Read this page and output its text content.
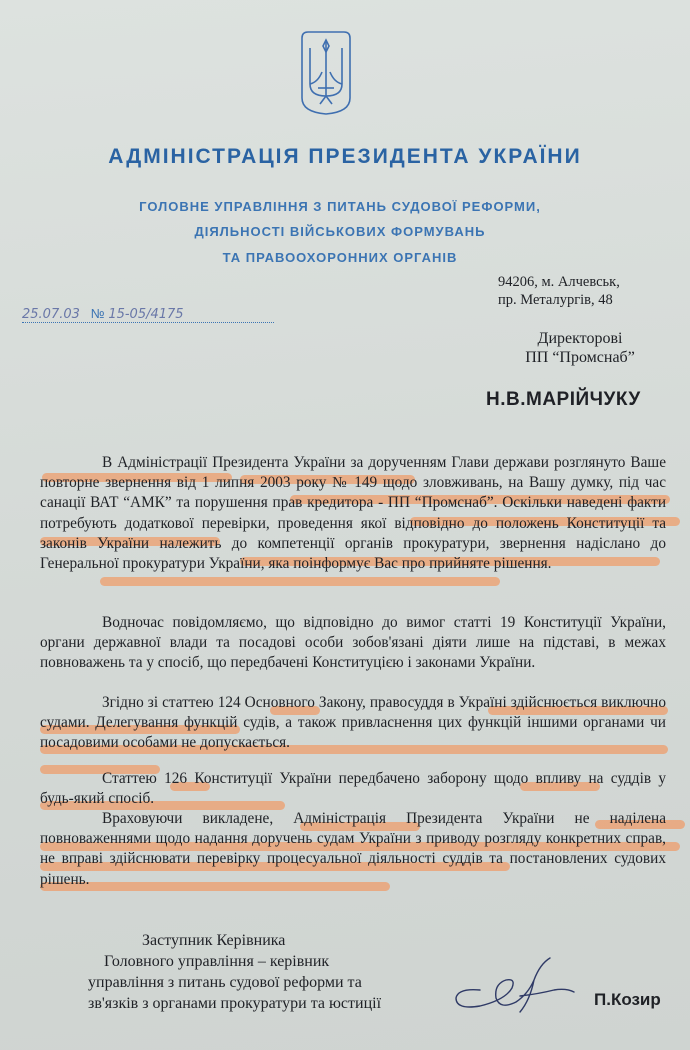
АДМІНІСТРАЦІЯ ПРЕЗИДЕНТА УКРАЇНИ

ГОЛОВНЕ УПРАВЛІННЯ З ПИТАНЬ СУДОВОЇ РЕФОРМИ,

ДІЯЛЬНОСТІ ВІЙСЬКОВИХ ФОРМУВАНЬ

ТА ПРАВООХОРОННИХ ОРГАНІВ

94206, м. Алчевськ,
пр. Металургів, 48
25.07.03 № 15-05/4175
Директорові
ПП “Промснаб”
Н.В.МАРІЙЧУКУ

В Адміністрації Президента України за дорученням Глави держави розглянуто Ваше повторне звернення від 1 липня 2003 року № 149 щодо зловживань, на Вашу думку, під час санації ВАТ “АМК” та порушення прав кредитора - ПП “Промснаб”. Оскільки наведені факти потребують додаткової перевірки, проведення якої відповідно до положень Конституції та законів України належить до компетенції органів прокуратури, звернення надіслано до Генеральної прокуратури України, яка поінформує Вас про прийняте рішення.

Водночас повідомляємо, що відповідно до вимог статті 19 Конституції України, органи державної влади та посадові особи зобов'язані діяти лише на підставі, в межах повноважень та у спосіб, що передбачені Конституцією і законами України.

Згідно зі статтею 124 Основного Закону, правосуддя в Україні здійснюється виключно судами. Делегування функцій судів, а також привласнення цих функцій іншими органами чи посадовими особами не допускається.

Статтею 126 Конституції України передбачено заборону щодо впливу на суддів у будь-який спосіб.

Враховуючи викладене, Адміністрація Президента України не наділена повноваженнями щодо надання доручень судам України з приводу розгляду конкретних справ, не вправі здійснювати перевірку процесуальної діяльності суддів та постановлених судових рішень.

Заступник Керівника
Головного управління – керівник
управління з питань судової реформи та
зв'язків з органами прокуратури та юстиції	П.Козир
